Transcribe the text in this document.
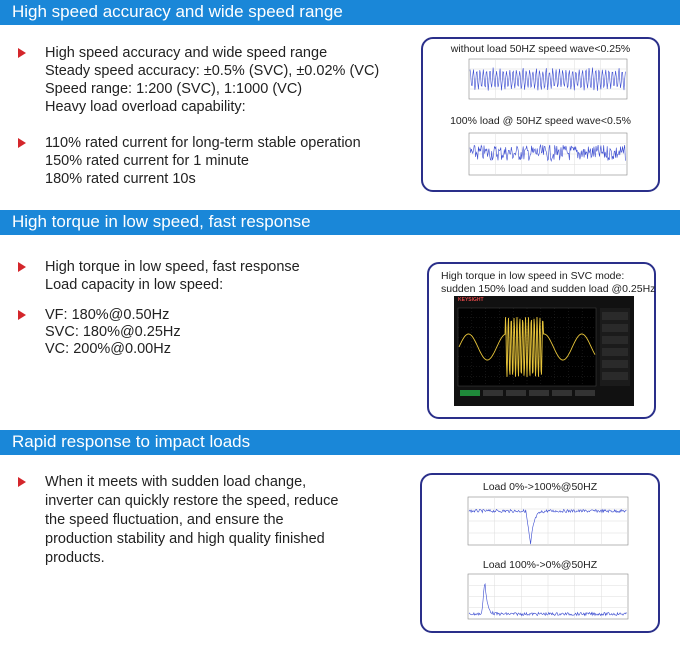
High speed accuracy and wide speed range
High speed accuracy and wide speed range
Steady speed accuracy: ±0.5% (SVC), ±0.02% (VC)
Speed range: 1:200 (SVC), 1:1000 (VC)
Heavy load overload capability:
110% rated current for long-term stable operation
150% rated current for 1 minute
180% rated current 10s
without load 50HZ speed wave<0.25%
100% load @ 50HZ speed wave<0.5%
High torque in low speed, fast response
High torque in low speed, fast response
Load capacity in low speed:
VF: 180%@0.50Hz
SVC: 180%@0.25Hz
VC: 200%@0.00Hz
High torque in low speed in SVC mode:
sudden 150% load and sudden load @0.25Hz
KEYSIGHT
Rapid response to impact loads
When it meets with sudden load change,
inverter can quickly restore the speed, reduce
the speed fluctuation, and ensure the
production stability and high quality finished
products.
Load 0%->100%@50HZ
Load 100%->0%@50HZ
